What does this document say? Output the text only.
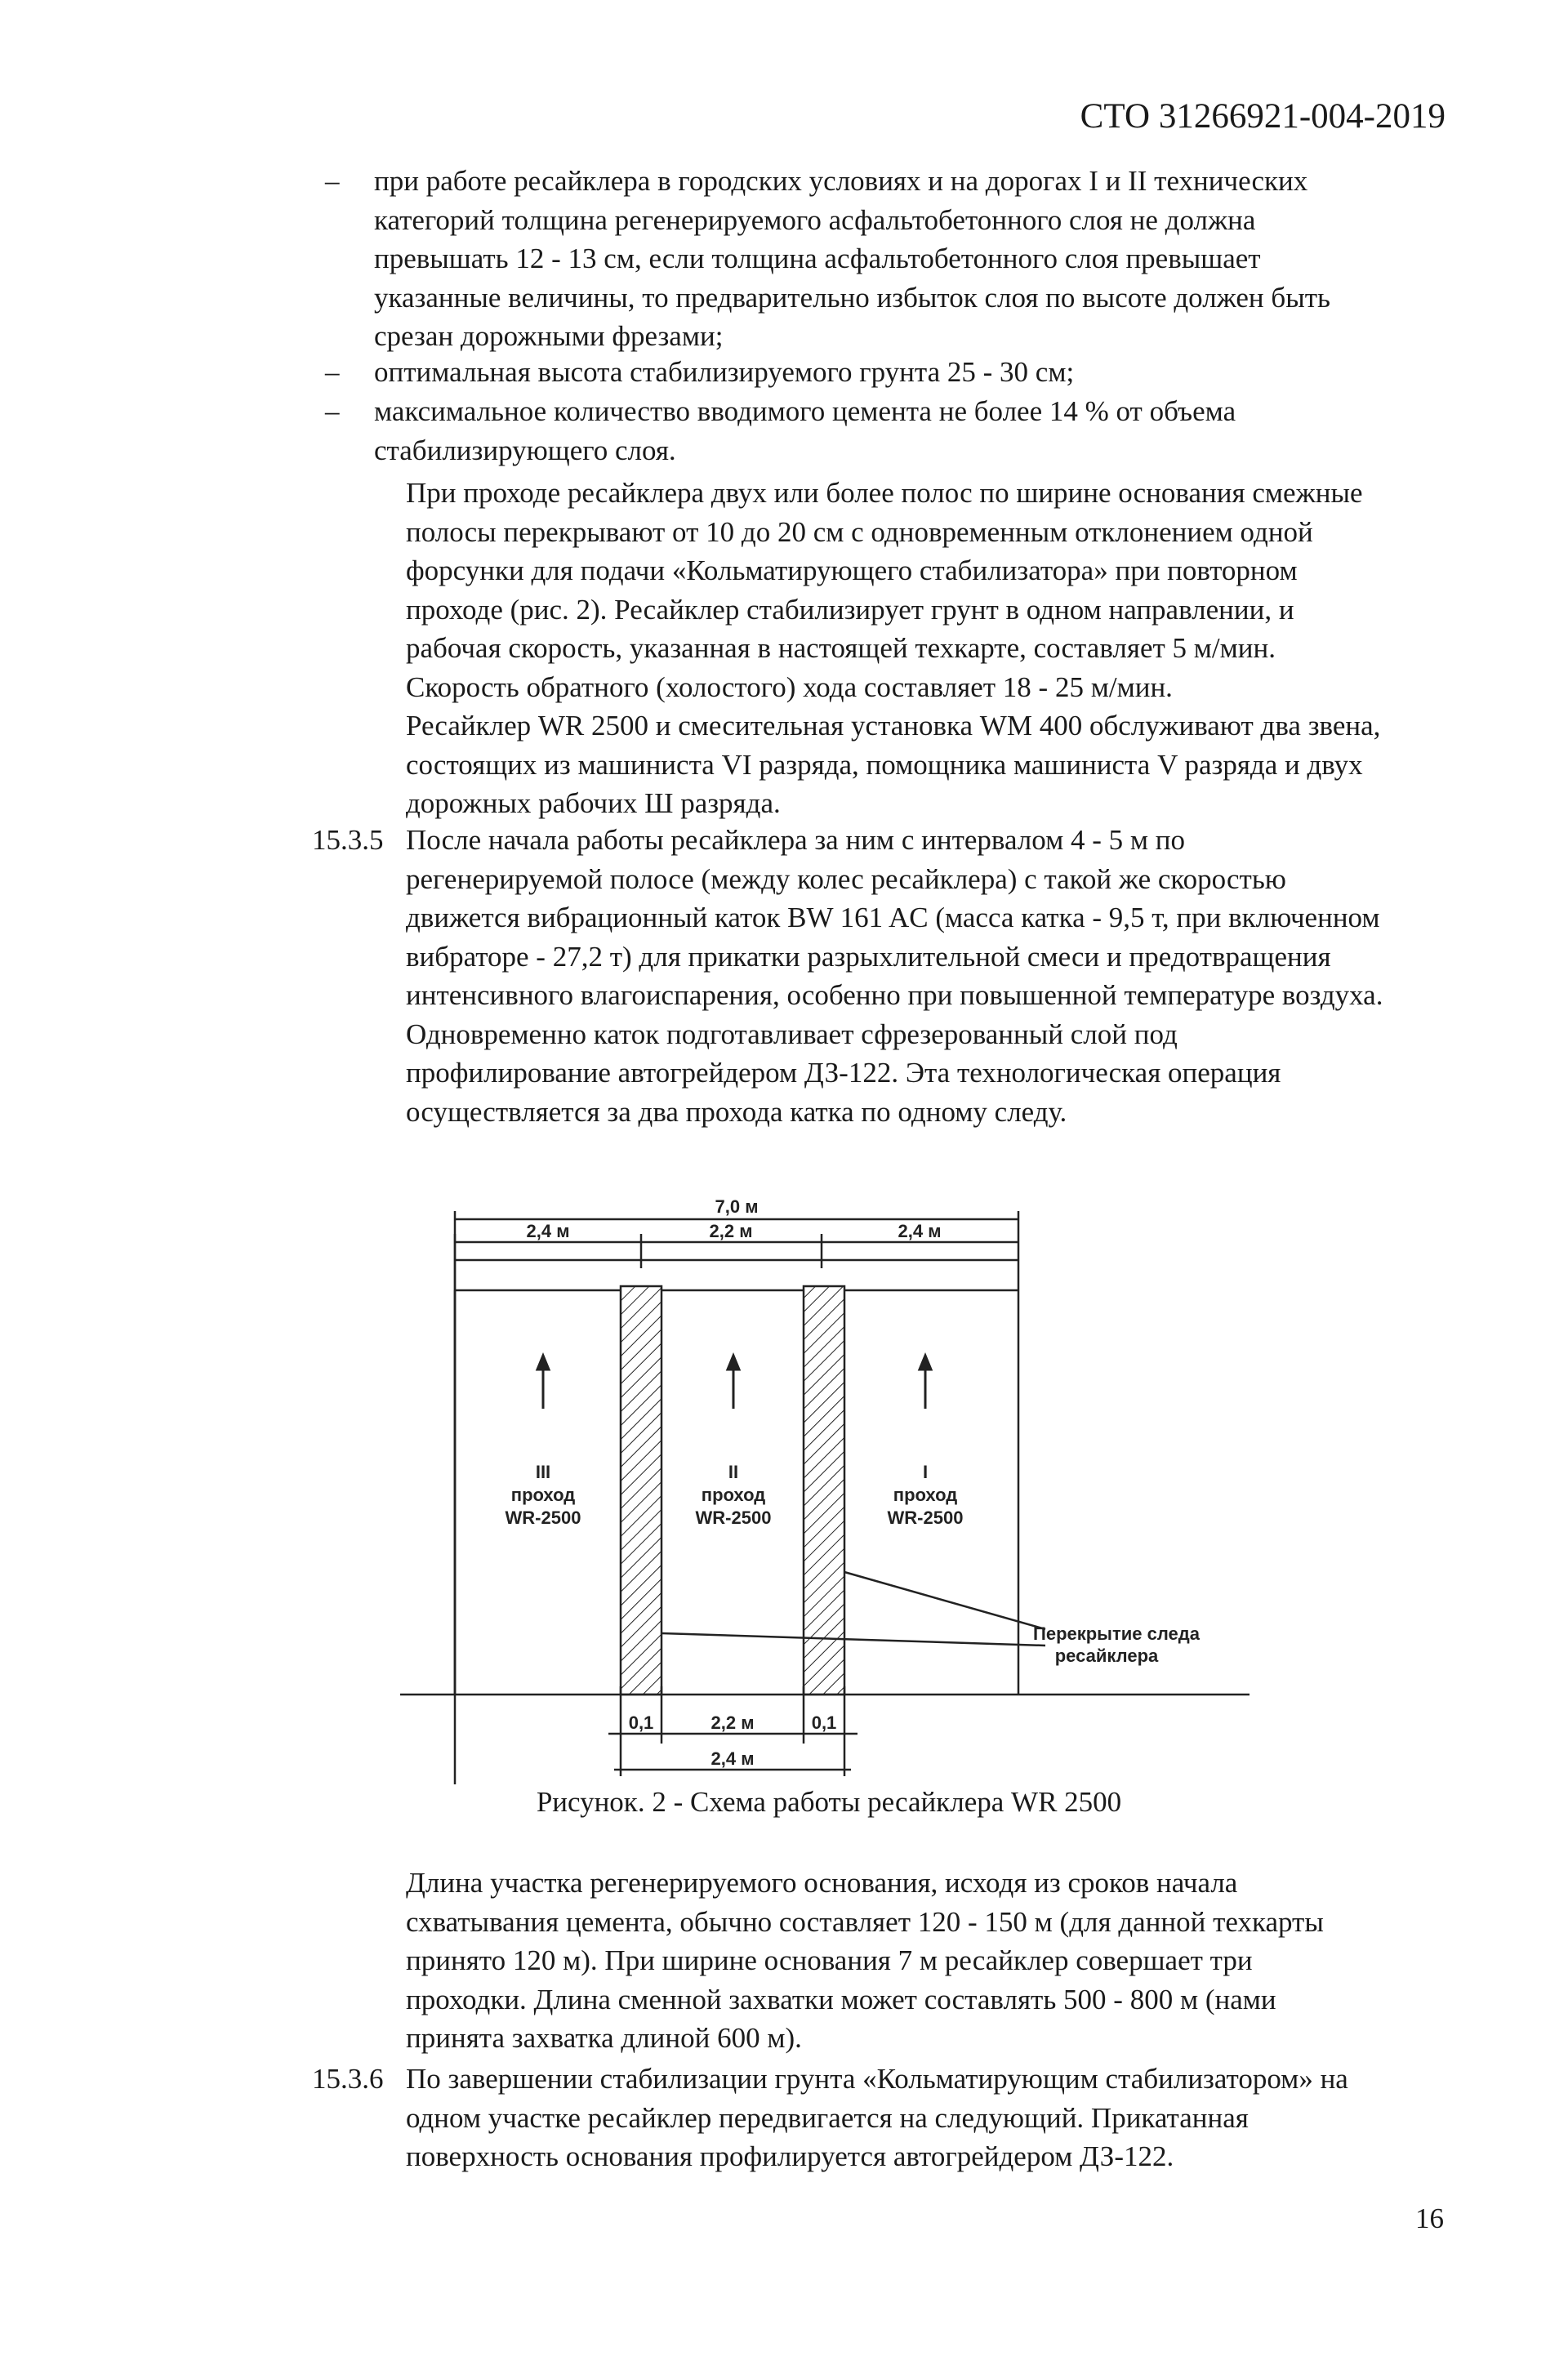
СТО 31266921-004-2019
– при работе ресайклера в городских условиях и на дорогах I и II технических
категорий толщина регенерируемого асфальтобетонного слоя не должна
превышать 12 - 13 см, если толщина асфальтобетонного слоя превышает
указанные величины, то предварительно избыток слоя по высоте должен быть
срезан дорожными фрезами;
– оптимальная высота стабилизируемого грунта 25 - 30 см;
– максимальное количество вводимого цемента не более 14 % от объема
стабилизирующего слоя.
При проходе ресайклера двух или более полос по ширине основания смежные
полосы перекрывают от 10 до 20 см с одновременным отклонением одной
форсунки для подачи «Кольматирующего стабилизатора» при повторном
проходе (рис. 2). Ресайклер стабилизирует грунт в одном направлении, и
рабочая скорость, указанная в настоящей техкарте, составляет 5 м/мин.
Скорость обратного (холостого) хода составляет 18 - 25 м/мин.
Ресайклер WR 2500 и смесительная установка WM 400 обслуживают два звена,
состоящих из машиниста VI разряда, помощника машиниста V разряда и двух
дорожных рабочих Ш разряда.
15.3.5 После начала работы ресайклера за ним с интервалом 4 - 5 м по
регенерируемой полосе (между колес ресайклера) с такой же скоростью
движется вибрационный каток BW 161 AC (масса катка - 9,5 т, при включенном
вибраторе - 27,2 т) для прикатки разрыхлительной смеси и предотвращения
интенсивного влагоиспарения, особенно при повышенной температуре воздуха.
Одновременно каток подготавливает сфрезерованный слой под
профилирование автогрейдером ДЗ-122. Эта технологическая операция
осуществляется за два прохода катка по одному следу.
7,0 м
2,4 м	2,2 м	2,4 м
III
проход
WR-2500
II
проход
WR-2500
I
проход
WR-2500
Перекрытие следа
ресайклера
0,1	2,2 м	0,1
2,4 м
Рисунок. 2 - Схема работы ресайклера WR 2500
Длина участка регенерируемого основания, исходя из сроков начала
схватывания цемента, обычно составляет 120 - 150 м (для данной техкарты
принято 120 м). При ширине основания 7 м ресайклер совершает три
проходки. Длина сменной захватки может составлять 500 - 800 м (нами
принята захватка длиной 600 м).
15.3.6 По завершении стабилизации грунта «Кольматирующим стабилизатором» на
одном участке ресайклер передвигается на следующий. Прикатанная
поверхность основания профилируется автогрейдером ДЗ-122.
16
